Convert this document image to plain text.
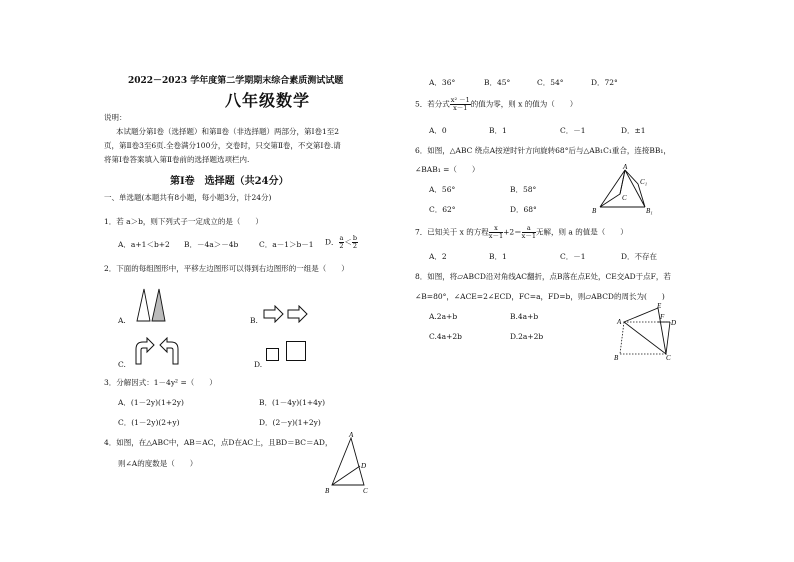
2022－2023 学年度第二学期期末综合素质测试试题
八年级数学
说明：
本试题分第Ⅰ卷（选择题）和第Ⅱ卷（非选择题）两部分，第Ⅰ卷1至2
页，第Ⅱ卷3至6页.全卷满分100分，交卷时，只交第Ⅱ卷，不交第Ⅰ卷.请
将第Ⅰ卷答案填入第Ⅱ卷前的选择题选项栏内.
第Ⅰ卷　选择题（共24分）
一、单选题(本题共有8小题，每小题3分，计24分)
1．若 a＞b，则下列式子一定成立的是（　　）
A．a+1＜b+2 B．－4a＞－4b	C．a－1＞b－1 D． $\frac{a}{2} < \frac{b}{2}$
2．下面的每组图形中，平移左边图形可以得到右边图形的一组是（　　）
A.	B.
C.	D.
3．分解因式：1－4y² =（　　）
A．(1－2y)(1+2y)	B．(1－4y)(1+4y)
C．(1－2y)(2+y)	D．(2－y)(1+2y)
4．如图，在△ABC中，AB＝AC，点D在AC上，且BD＝BC＝AD，
则∠A的度数是（　　）
A
B	C
D
A．36°	B．45°	C．54°	D．72°
5．若分式 $\frac{\text{x² －1}}{x-1}$ 的值为零，则 x 的值为（　　）
A．0	B．1	C．－1	D．±1
6．如图，△ABC 绕点A按逆时针方向旋转68°后与△AB₁C₁重合，连接BB₁，
∠BAB₁ =（　　）
A．56°	B．58°
C．62°	D．68°
A
B
C
C₁
B₁
7．已知关于 x 的方程 $\frac{x}{x-1} +2= \frac{a}{x-1}$ 无解，则 a 的值是（　　）
A．2	B．1	C．－1	D．不存在
8．如图，将▱ABCD沿对角线AC翻折，点B落在点E处，CE交AD于点F，若
∠B=80°，∠ACE=2∠ECD，FC=a，FD=b，则▱ABCD的周长为(　　)
A.2a+b	B.4a+b
C.4a+2b	D.2a+2b
A
B	C
D
E
F
